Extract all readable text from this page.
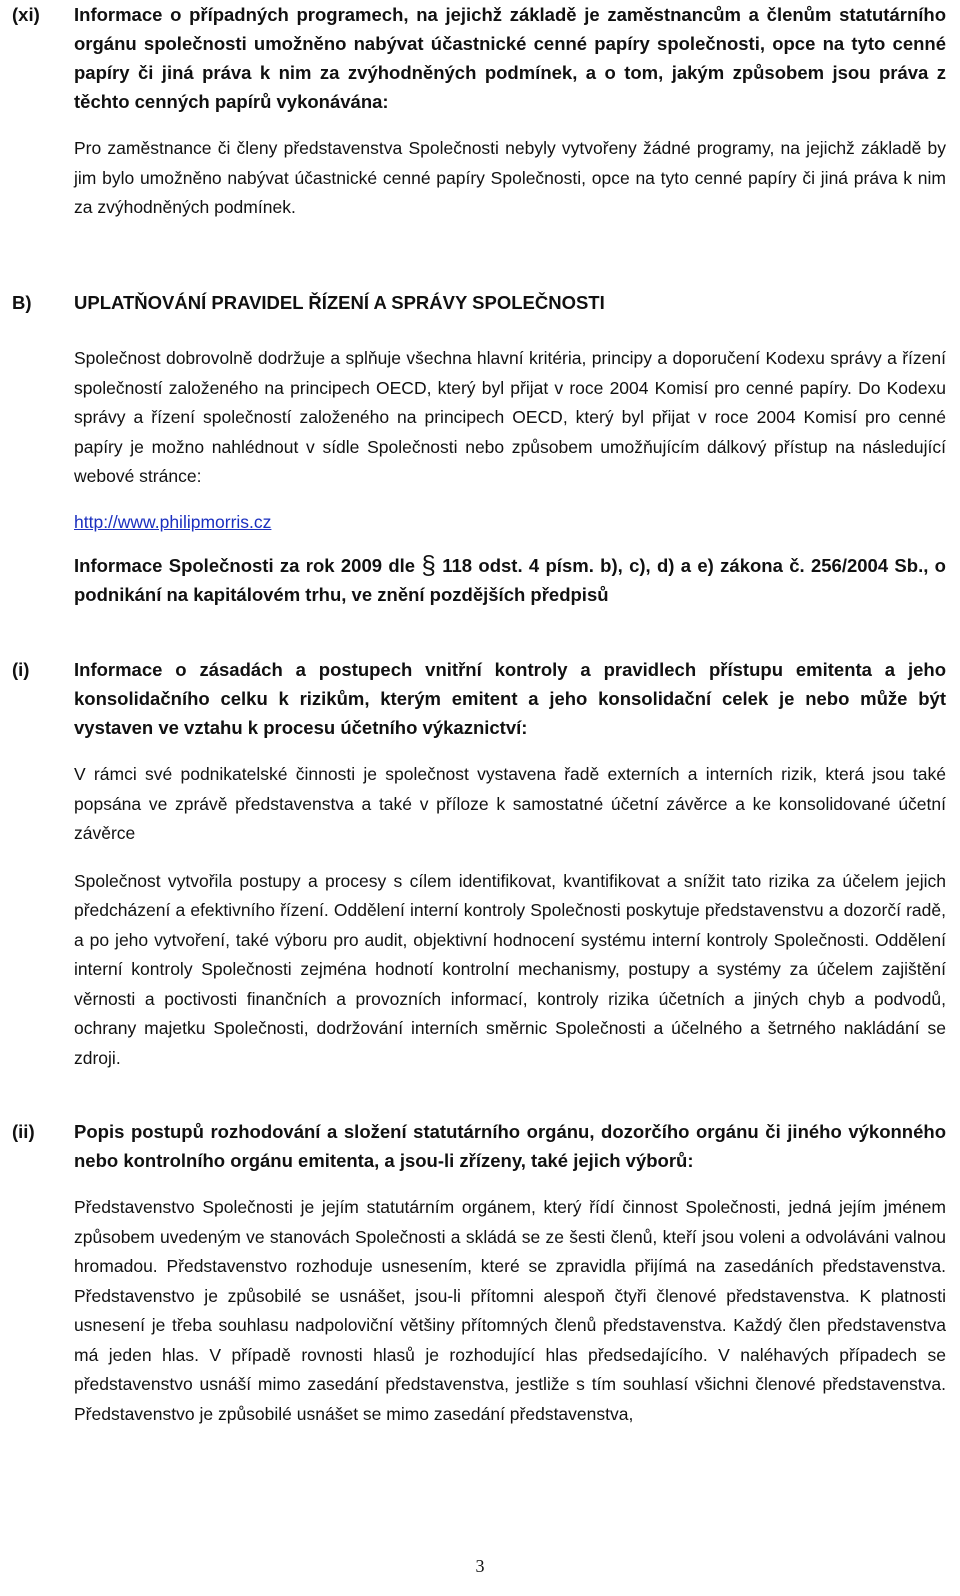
(xi) Informace o případných programech, na jejichž základě je zaměstnancům a členům statutárního orgánu společnosti umožněno nabývat účastnické cenné papíry společnosti, opce na tyto cenné papíry či jiná práva k nim za zvýhodněných podmínek, a o tom, jakým způsobem jsou práva z těchto cenných papírů vykonávána:

Pro zaměstnance či členy představenstva Společnosti nebyly vytvořeny žádné programy, na jejichž základě by jim bylo umožněno nabývat účastnické cenné papíry Společnosti, opce na tyto cenné papíry či jiná práva k nim za zvýhodněných podmínek.

B) UPLATŇOVÁNÍ PRAVIDEL ŘÍZENÍ A SPRÁVY SPOLEČNOSTI

Společnost dobrovolně dodržuje a splňuje všechna hlavní kritéria, principy a doporučení Kodexu správy a řízení společností založeného na principech OECD, který byl přijat v roce 2004 Komisí pro cenné papíry. Do Kodexu správy a řízení společností založeného na principech OECD, který byl přijat v roce 2004 Komisí pro cenné papíry je možno nahlédnout v sídle Společnosti nebo způsobem umožňujícím dálkový přístup na následující webové stránce:

http://www.philipmorris.cz

Informace Společnosti za rok 2009 dle § 118 odst. 4 písm. b), c), d) a e) zákona č. 256/2004 Sb., o podnikání na kapitálovém trhu, ve znění pozdějších předpisů

(i) Informace o zásadách a postupech vnitřní kontroly a pravidlech přístupu emitenta a jeho konsolidačního celku k rizikům, kterým emitent a jeho konsolidační celek je nebo může být vystaven ve vztahu k procesu účetního výkaznictví:

V rámci své podnikatelské činnosti je společnost vystavena řadě externích a interních rizik, která jsou také popsána ve zprávě představenstva a také v příloze k samostatné účetní závěrce a ke konsolidované účetní závěrce

Společnost vytvořila postupy a procesy s cílem identifikovat, kvantifikovat a snížit tato rizika za účelem jejich předcházení a efektivního řízení. Oddělení interní kontroly Společnosti poskytuje představenstvu a dozorčí radě, a po jeho vytvoření, také výboru pro audit, objektivní hodnocení systému interní kontroly Společnosti. Oddělení interní kontroly Společnosti zejména hodnotí kontrolní mechanismy, postupy a systémy za účelem zajištění věrnosti a poctivosti finančních a provozních informací, kontroly rizika účetních a jiných chyb a podvodů, ochrany majetku Společnosti, dodržování interních směrnic Společnosti a účelného a šetrného nakládání se zdroji.

(ii) Popis postupů rozhodování a složení statutárního orgánu, dozorčího orgánu či jiného výkonného nebo kontrolního orgánu emitenta, a jsou-li zřízeny, také jejich výborů:

Představenstvo Společnosti je jejím statutárním orgánem, který řídí činnost Společnosti, jedná jejím jménem způsobem uvedeným ve stanovách Společnosti a skládá se ze šesti členů, kteří jsou voleni a odvoláváni valnou hromadou. Představenstvo rozhoduje usnesením, které se zpravidla přijímá na zasedáních představenstva. Představenstvo je způsobilé se usnášet, jsou-li přítomni alespoň čtyři členové představenstva. K platnosti usnesení je třeba souhlasu nadpoloviční většiny přítomných členů představenstva. Každý člen představenstva má jeden hlas. V případě rovnosti hlasů je rozhodující hlas předsedajícího. V naléhavých případech se představenstvo usnáší mimo zasedání představenstva, jestliže s tím souhlasí všichni členové představenstva. Představenstvo je způsobilé usnášet se mimo zasedání představenstva,

3
